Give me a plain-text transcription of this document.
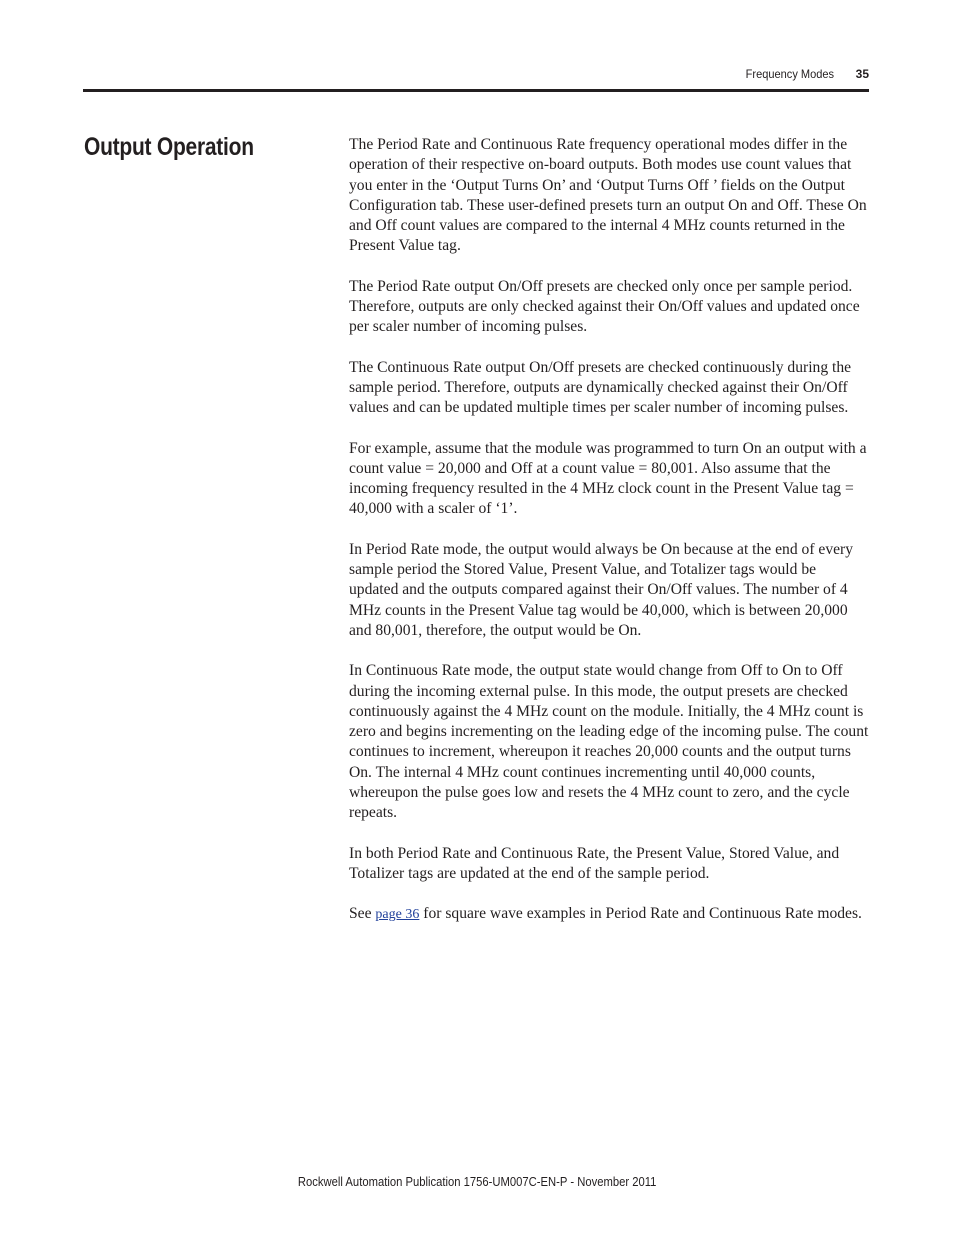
Frequency Modes 35
Output Operation	The Period Rate and Continuous Rate frequency operational modes differ in the operation of their respective on-board outputs. Both modes use count values that you enter in the ‘Output Turns On’ and ‘Output Turns Off ’ fields on the Output Configuration tab. These user-defined presets turn an output On and Off. These On and Off count values are compared to the internal 4 MHz counts returned in the Present Value tag.

The Period Rate output On/Off presets are checked only once per sample period. Therefore, outputs are only checked against their On/Off values and updated once per scaler number of incoming pulses.

The Continuous Rate output On/Off presets are checked continuously during the sample period. Therefore, outputs are dynamically checked against their On/Off values and can be updated multiple times per scaler number of incoming pulses.

For example, assume that the module was programmed to turn On an output with a count value = 20,000 and Off at a count value = 80,001. Also assume that the incoming frequency resulted in the 4 MHz clock count in the Present Value tag = 40,000 with a scaler of ‘1’.

In Period Rate mode, the output would always be On because at the end of every sample period the Stored Value, Present Value, and Totalizer tags would be updated and the outputs compared against their On/Off values. The number of 4 MHz counts in the Present Value tag would be 40,000, which is between 20,000 and 80,001, therefore, the output would be On.

In Continuous Rate mode, the output state would change from Off to On to Off during the incoming external pulse. In this mode, the output presets are checked continuously against the 4 MHz count on the module. Initially, the 4 MHz count is zero and begins incrementing on the leading edge of the incoming pulse. The count continues to increment, whereupon it reaches 20,000 counts and the output turns On. The internal 4 MHz count continues incrementing until 40,000 counts, whereupon the pulse goes low and resets the 4 MHz count to zero, and the cycle repeats.

In both Period Rate and Continuous Rate, the Present Value, Stored Value, and Totalizer tags are updated at the end of the sample period.

See page 36 for square wave examples in Period Rate and Continuous Rate modes.

Rockwell Automation Publication 1756-UM007C-EN-P - November 2011
